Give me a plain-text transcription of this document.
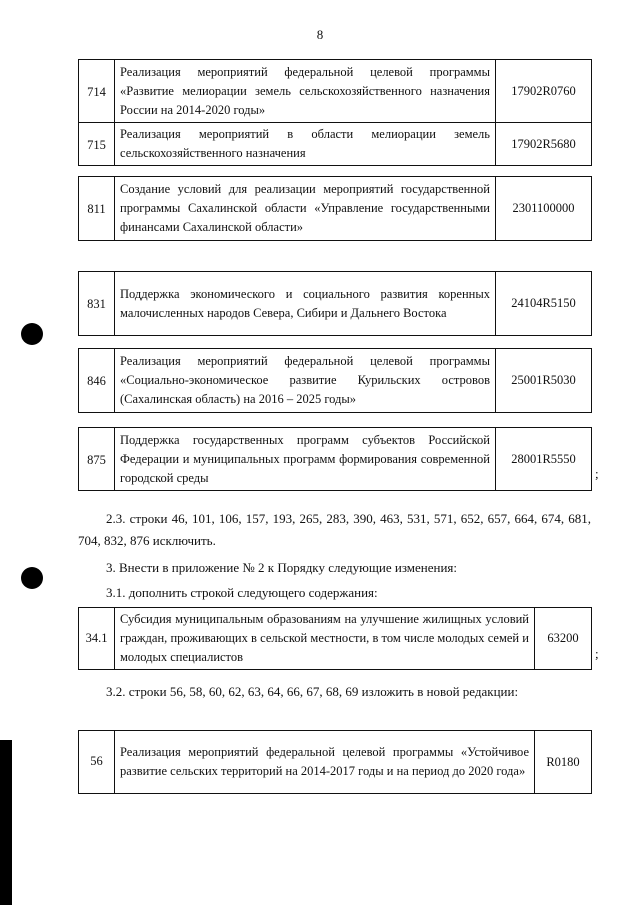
8
714	Реализация мероприятий федеральной целевой программы «Развитие мелиорации земель сельскохозяйственного назначения России на 2014-2020 годы»	17902R0760
715	Реализация мероприятий в области мелиорации земель сельскохозяйственного назначения	17902R5680
811	Создание условий для реализации мероприятий государственной программы Сахалинской области «Управление государственными финансами Сахалинской области»	2301100000
831	Поддержка экономического и социального развития коренных малочисленных народов Севера, Сибири и Дальнего Востока	24104R5150
846	Реализация мероприятий федеральной целевой программы «Социально-экономическое развитие Курильских островов (Сахалинская область) на 2016 – 2025 годы»	25001R5030
875	Поддержка государственных программ субъектов Российской Федерации и муниципальных программ формирования современной городской среды	28001R5550
;

2.3. строки 46, 101, 106, 157, 193, 265, 283, 390, 463, 531, 571, 652, 657, 664, 674, 681, 704, 832, 876 исключить.

3. Внести в приложение № 2 к Порядку следующие изменения:

3.1. дополнить строкой следующего содержания:

34.1	Субсидия муниципальным образованиям на улучшение жилищных условий граждан, проживающих в сельской местности, в том числе молодых семей и молодых специалистов	63200
;

3.2. строки 56, 58, 60, 62, 63, 64, 66, 67, 68, 69 изложить в новой редакции:

56	Реализация мероприятий федеральной целевой программы «Устойчивое развитие сельских территорий на 2014-2017 годы и на период до 2020 года»	R0180
